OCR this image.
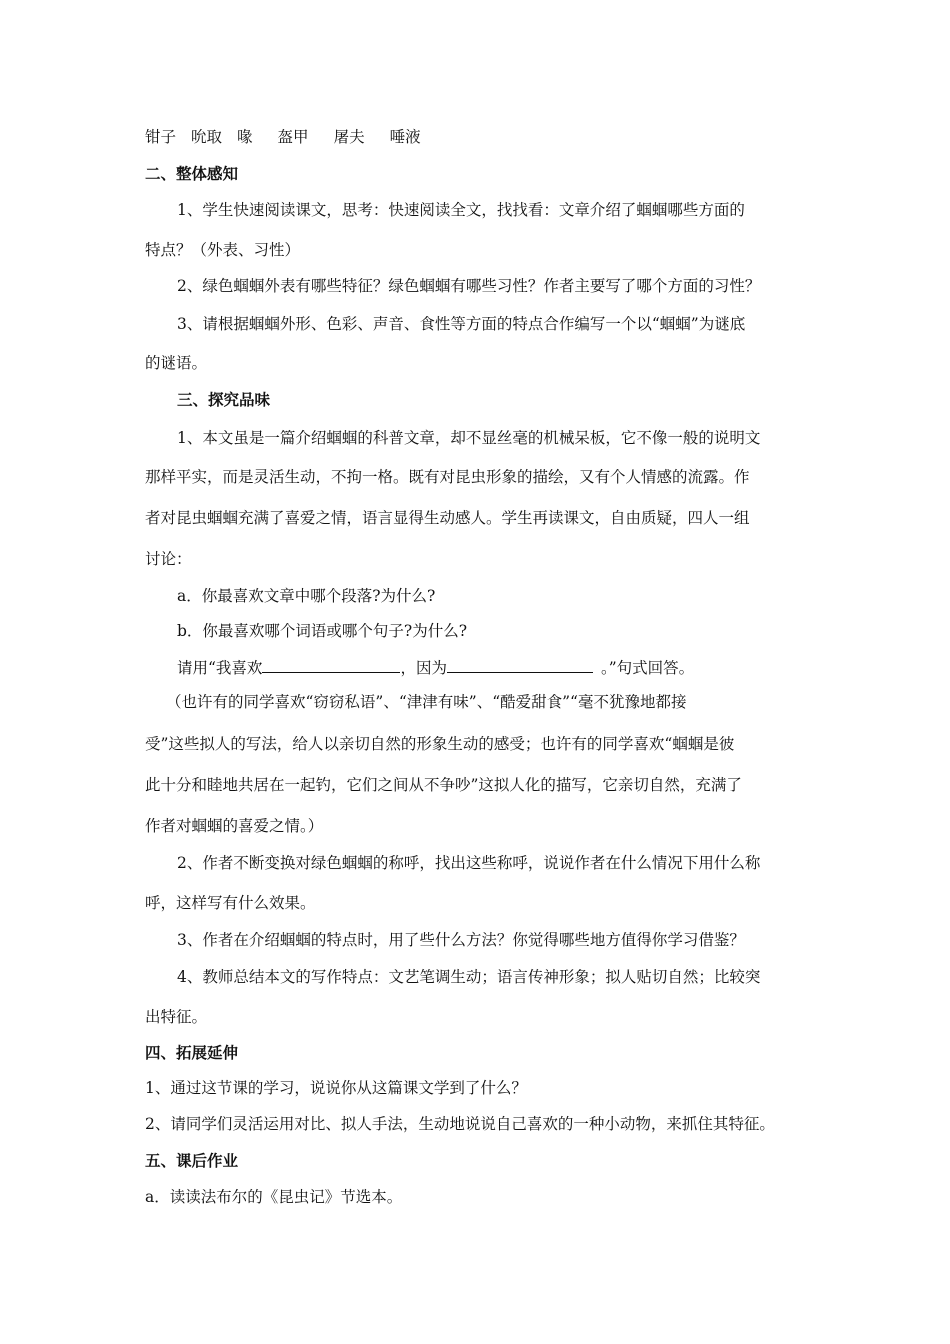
钳子 吮取 喙 盔甲 屠夫 唾液
二、整体感知
1、学生快速阅读课文，思考：快速阅读全文，找找看：文章介绍了蝈蝈哪些方面的
特点？（外表、习性）
2、绿色蝈蝈外表有哪些特征？绿色蝈蝈有哪些习性？作者主要写了哪个方面的习性？
3、请根据蝈蝈外形、色彩、声音、食性等方面的特点合作编写一个以“蝈蝈”为谜底
的谜语。
三、探究品味
1、本文虽是一篇介绍蝈蝈的科普文章，却不显丝毫的机械呆板，它不像一般的说明文
那样平实，而是灵活生动，不拘一格。既有对昆虫形象的描绘，又有个人情感的流露。作
者对昆虫蝈蝈充满了喜爱之情，语言显得生动感人。学生再读课文，自由质疑，四人一组
讨论：
a．你最喜欢文章中哪个段落?为什么?
b．你最喜欢哪个词语或哪个句子?为什么?
请用“我喜欢	，因为	。”句式回答。
（也许有的同学喜欢“窃窃私语”、“津津有味”、“酷爱甜食”“毫不犹豫地都接
受”这些拟人的写法，给人以亲切自然的形象生动的感受；也许有的同学喜欢“蝈蝈是彼
此十分和睦地共居在一起钓，它们之间从不争吵”这拟人化的描写，它亲切自然，充满了
作者对蝈蝈的喜爱之情。）
2、作者不断变换对绿色蝈蝈的称呼，找出这些称呼，说说作者在什么情况下用什么称
呼，这样写有什么效果。
3、作者在介绍蝈蝈的特点时，用了些什么方法？你觉得哪些地方值得你学习借鉴？
4、教师总结本文的写作特点：文艺笔调生动；语言传神形象；拟人贴切自然；比较突
出特征。
四、拓展延伸
1、通过这节课的学习，说说你从这篇课文学到了什么？
2、请同学们灵活运用对比、拟人手法，生动地说说自己喜欢的一种小动物，来抓住其特征。
五、课后作业
a．读读法布尔的《昆虫记》节选本。
